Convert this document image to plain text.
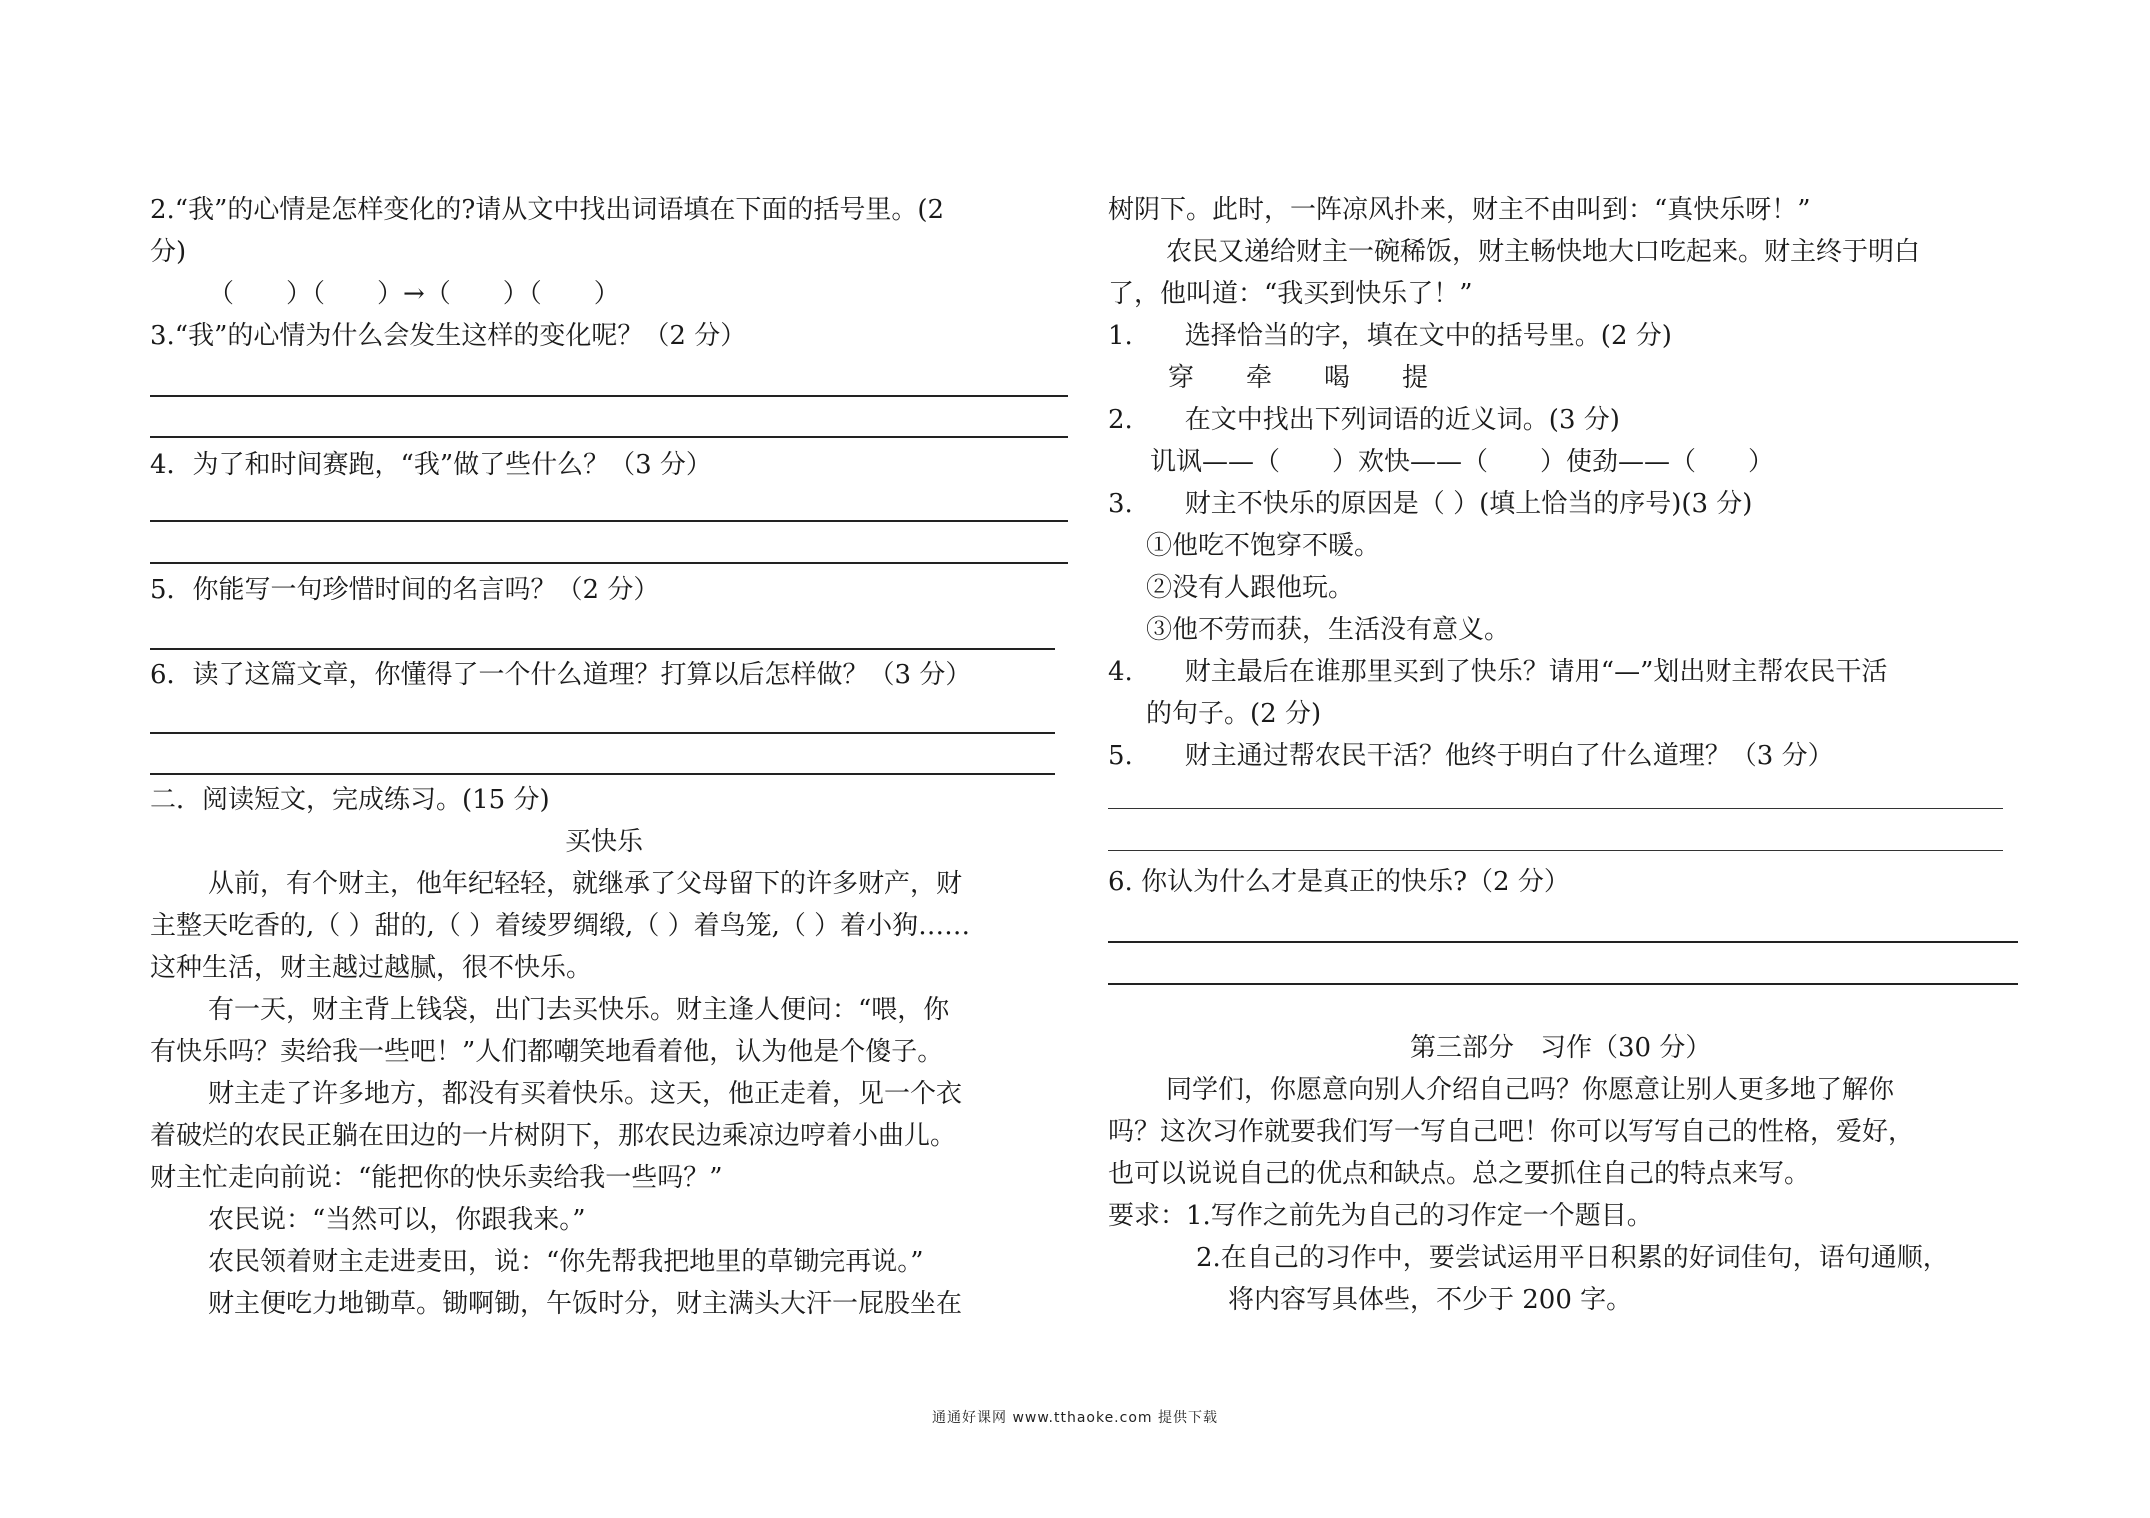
2.“我”的心情是怎样变化的?请从文中找出词语填在下面的括号里。(2
分)
（　　）（　　）→（　　）（　　）
3.“我”的心情为什么会发生这样的变化呢？（2 分）
4．为了和时间赛跑，“我”做了些什么？（3 分）
5．你能写一句珍惜时间的名言吗？（2 分）
6．读了这篇文章，你懂得了一个什么道理？打算以后怎样做？（3 分）
二．阅读短文，完成练习。(15 分)
买快乐
从前，有个财主，他年纪轻轻，就继承了父母留下的许多财产，财
主整天吃香的,（ ）甜的,（ ）着绫罗绸缎,（ ）着鸟笼,（ ）着小狗……
这种生活，财主越过越腻，很不快乐。
有一天，财主背上钱袋，出门去买快乐。财主逢人便问：“喂，你
有快乐吗？卖给我一些吧！”人们都嘲笑地看着他，认为他是个傻子。
财主走了许多地方，都没有买着快乐。这天，他正走着，见一个衣
着破烂的农民正躺在田边的一片树阴下，那农民边乘凉边哼着小曲儿。
财主忙走向前说：“能把你的快乐卖给我一些吗？”
农民说：“当然可以，你跟我来。”
农民领着财主走进麦田，说：“你先帮我把地里的草锄完再说。”
财主便吃力地锄草。锄啊锄，午饭时分，财主满头大汗一屁股坐在
树阴下。此时，一阵凉风扑来，财主不由叫到：“真快乐呀！”
农民又递给财主一碗稀饭，财主畅快地大口吃起来。财主终于明白
了，他叫道：“我买到快乐了！”
1.　　选择恰当的字，填在文中的括号里。(2 分)
穿　　牵　　喝　　提
2.　　在文中找出下列词语的近义词。(3 分)
讥讽——（　　）欢快——（　　）使劲——（　　）
3.　　财主不快乐的原因是（ ）(填上恰当的序号)(3 分)
①他吃不饱穿不暖。
②没有人跟他玩。
③他不劳而获，生活没有意义。
4.　　财主最后在谁那里买到了快乐？请用“—”划出财主帮农民干活
的句子。(2 分)
5.　　财主通过帮农民干活？他终于明白了什么道理？（3 分）
6. 你认为什么才是真正的快乐?（2 分）
第三部分　习作（30 分）
同学们，你愿意向别人介绍自己吗？你愿意让别人更多地了解你
吗？这次习作就要我们写一写自己吧！你可以写写自己的性格，爱好，
也可以说说自己的优点和缺点。总之要抓住自己的特点来写。
要求：1.写作之前先为自己的习作定一个题目。
2.在自己的习作中，要尝试运用平日积累的好词佳句，语句通顺，
将内容写具体些，不少于 200 字。
通通好课网 www.tthaoke.com 提供下载
